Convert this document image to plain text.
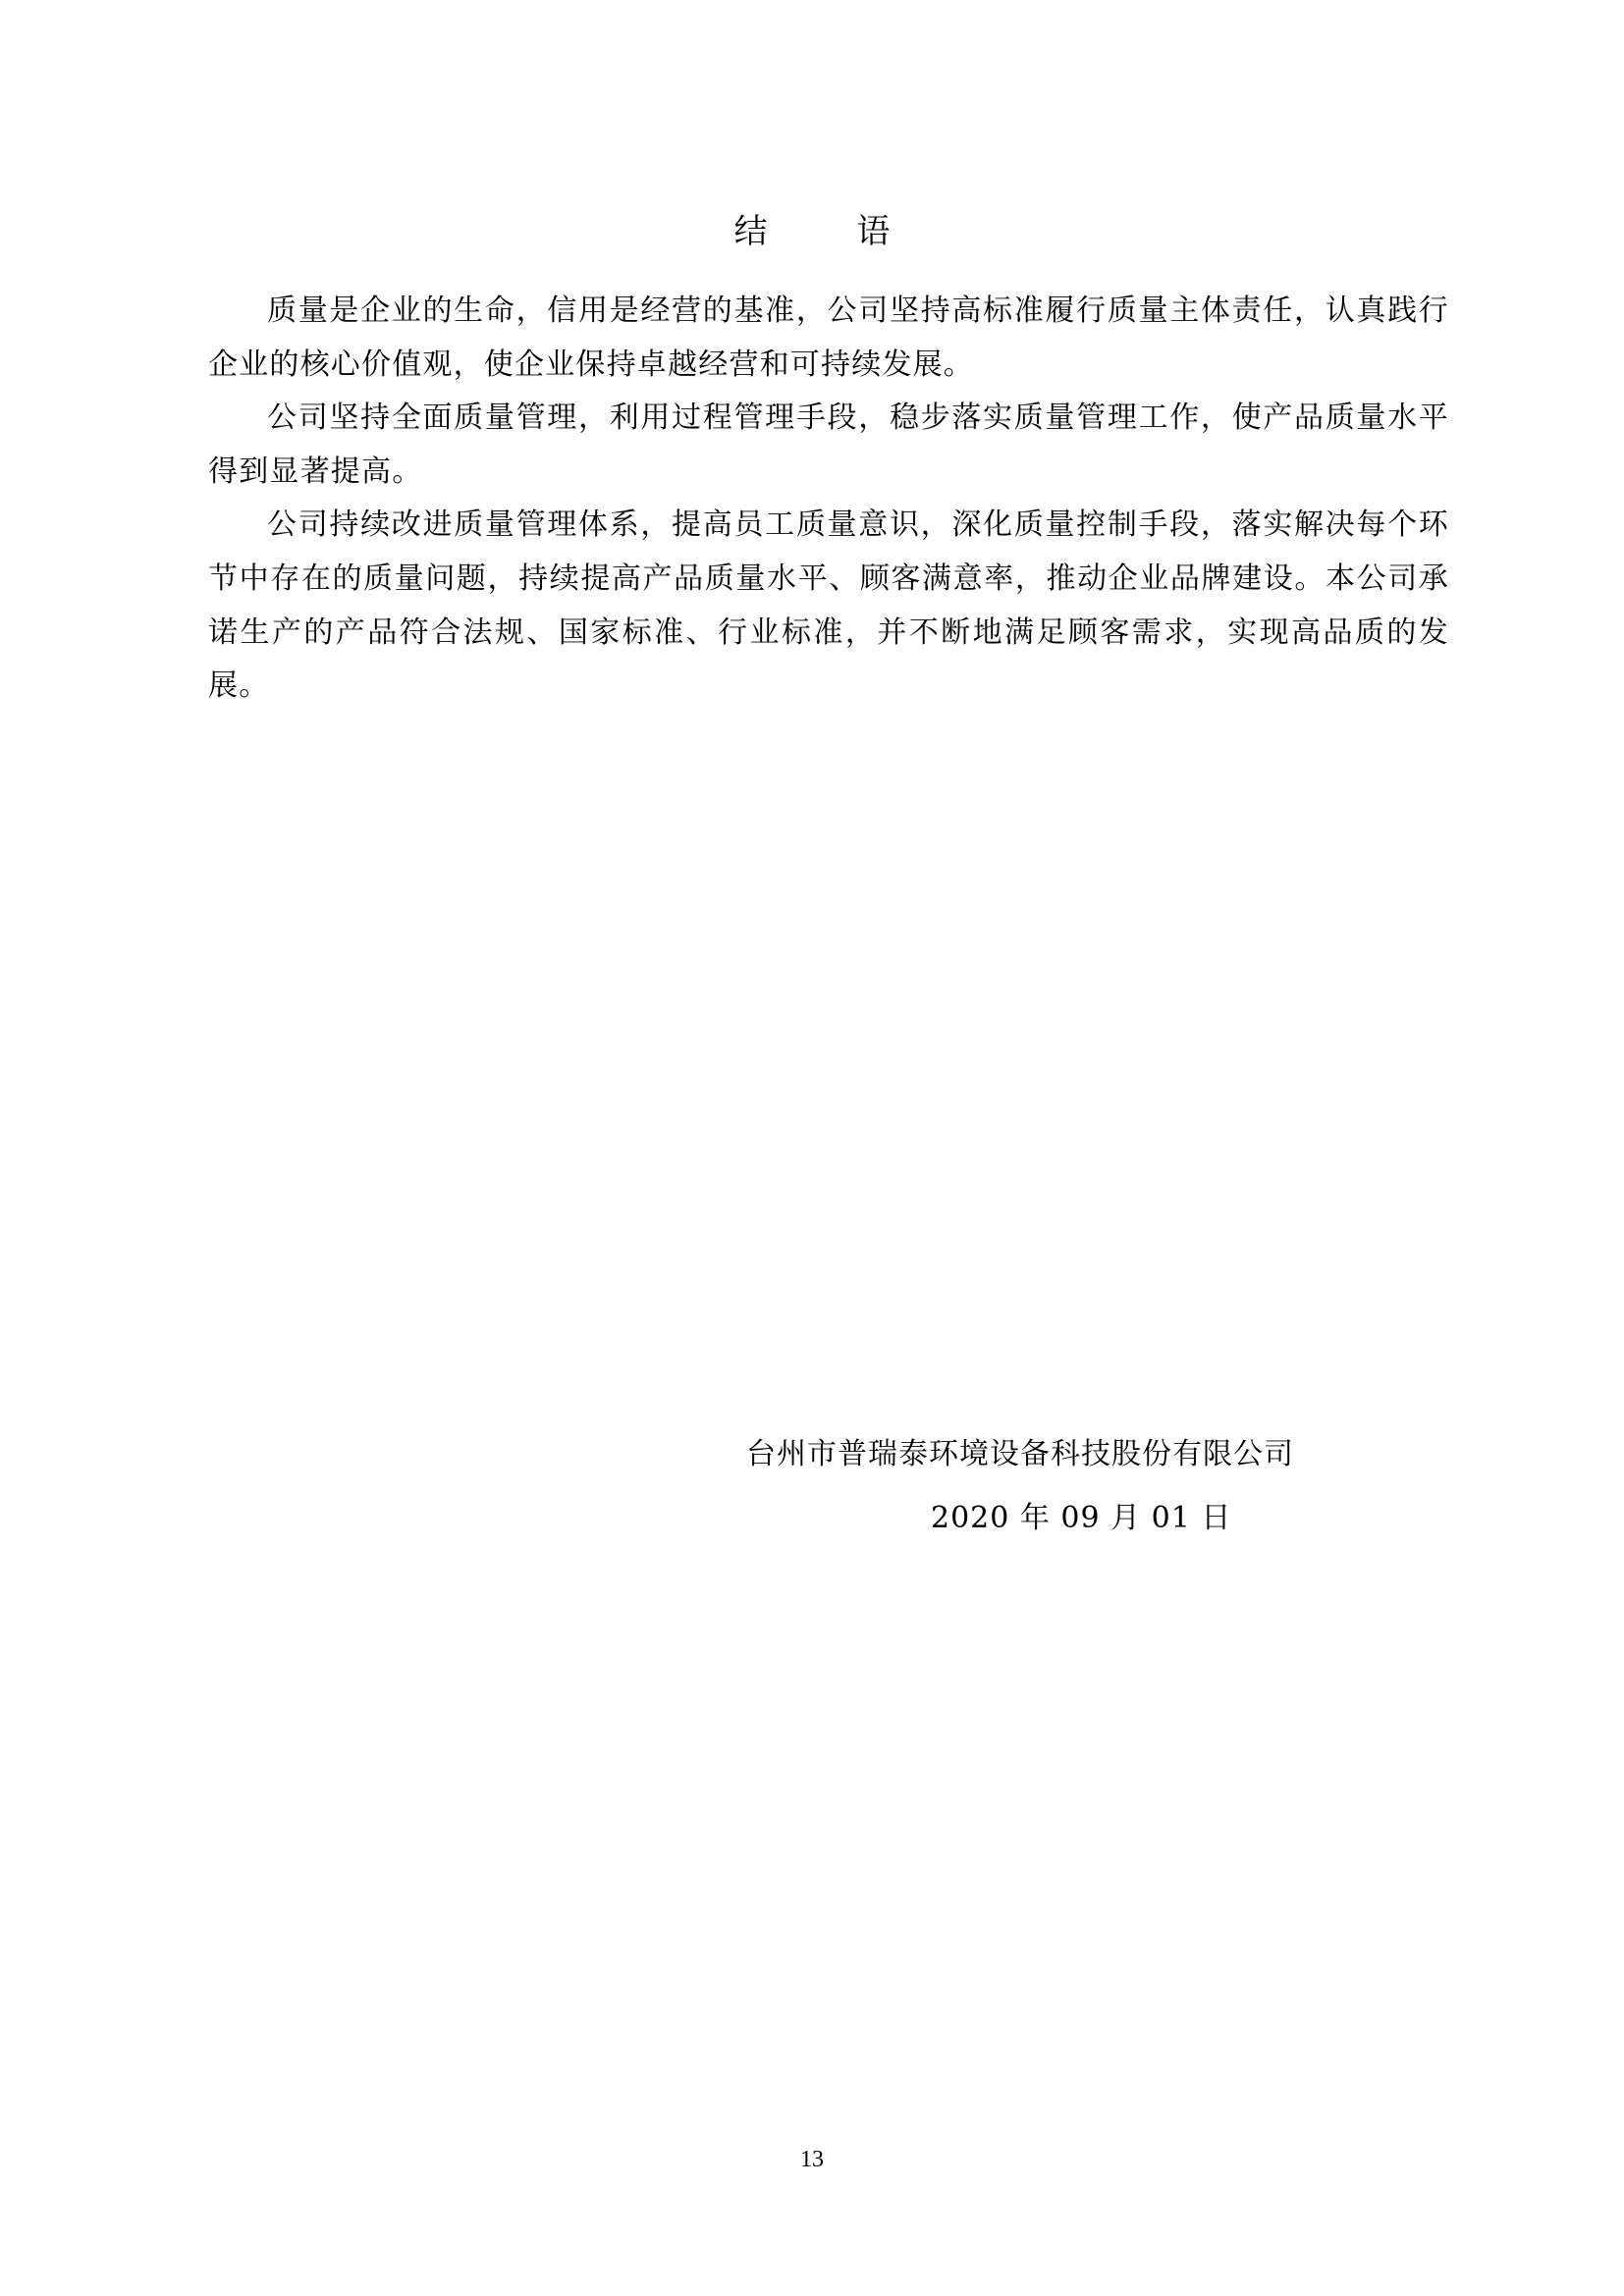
结 语

质量是企业的生命，信用是经营的基准，公司坚持高标准履行质量主体责任，认真践行企业的核心价值观，使企业保持卓越经营和可持续发展。

公司坚持全面质量管理，利用过程管理手段，稳步落实质量管理工作，使产品质量水平得到显著提高。

公司持续改进质量管理体系，提高员工质量意识，深化质量控制手段，落实解决每个环节中存在的质量问题，持续提高产品质量水平、顾客满意率，推动企业品牌建设。本公司承诺生产的产品符合法规、国家标准、行业标准，并不断地满足顾客需求，实现高品质的发展。

台州市普瑞泰环境设备科技股份有限公司
2020 年 09 月 01 日
13
